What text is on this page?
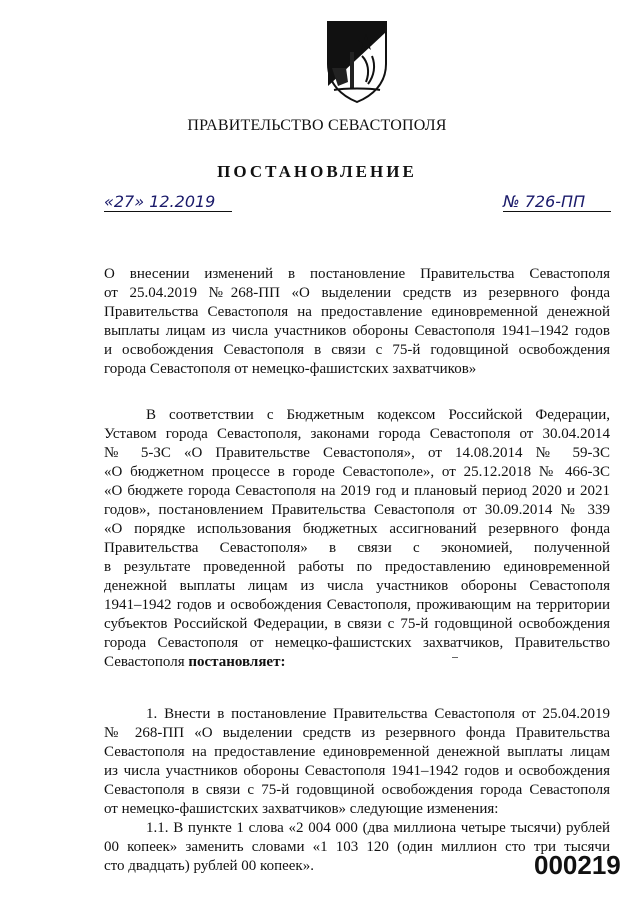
ПРАВИТЕЛЬСТВО СЕВАСТОПОЛЯ
ПОСТАНОВЛЕНИЕ
«27» 12.2019	№ 726-ПП
О внесении изменений в постановление Правительства Севастополя
от 25.04.2019 №268-ПП «О выделении средств из резервного фонда
Правительства Севастополя на предоставление единовременной денежной
выплаты лицам из числа участников обороны Севастополя 1941–1942 годов
и освобождения Севастополя в связи с 75-й годовщиной освобождения
города Севастополя от немецко-фашистских захватчиков»
В соответствии с Бюджетным кодексом Российской Федерации,
Уставом города Севастополя, законами города Севастополя от 30.04.2014
№ 5-ЗС «О Правительстве Севастополя», от 14.08.2014 № 59-ЗС
«О бюджетном процессе в городе Севастополе», от 25.12.2018 № 466-ЗС
«О бюджете города Севастополя на 2019 год и плановый период 2020 и 2021
годов», постановлением Правительства Севастополя от 30.09.2014 № 339
«О порядке использования бюджетных ассигнований резервного фонда
Правительства Севастополя» в связи с экономией, полученной
в результате проведенной работы по предоставлению единовременной
денежной выплаты лицам из числа участников обороны Севастополя
1941–1942 годов и освобождения Севастополя, проживающим на территории
субъектов Российской Федерации, в связи с 75-й годовщиной освобождения
города Севастополя от немецко-фашистских захватчиков, Правительство
Севастополя постановляет:
1. Внести в постановление Правительства Севастополя от 25.04.2019
№ 268-ПП «О выделении средств из резервного фонда Правительства
Севастополя на предоставление единовременной денежной выплаты лицам
из числа участников обороны Севастополя 1941–1942 годов и освобождения
Севастополя в связи с 75-й годовщиной освобождения города Севастополя
от немецко-фашистских захватчиков» следующие изменения:
1.1. В пункте 1 слова «2 004 000 (два миллиона четыре тысячи) рублей
00 копеек» заменить словами «1 103 120 (один миллион сто три тысячи
сто двадцать) рублей 00 копеек».	000219
